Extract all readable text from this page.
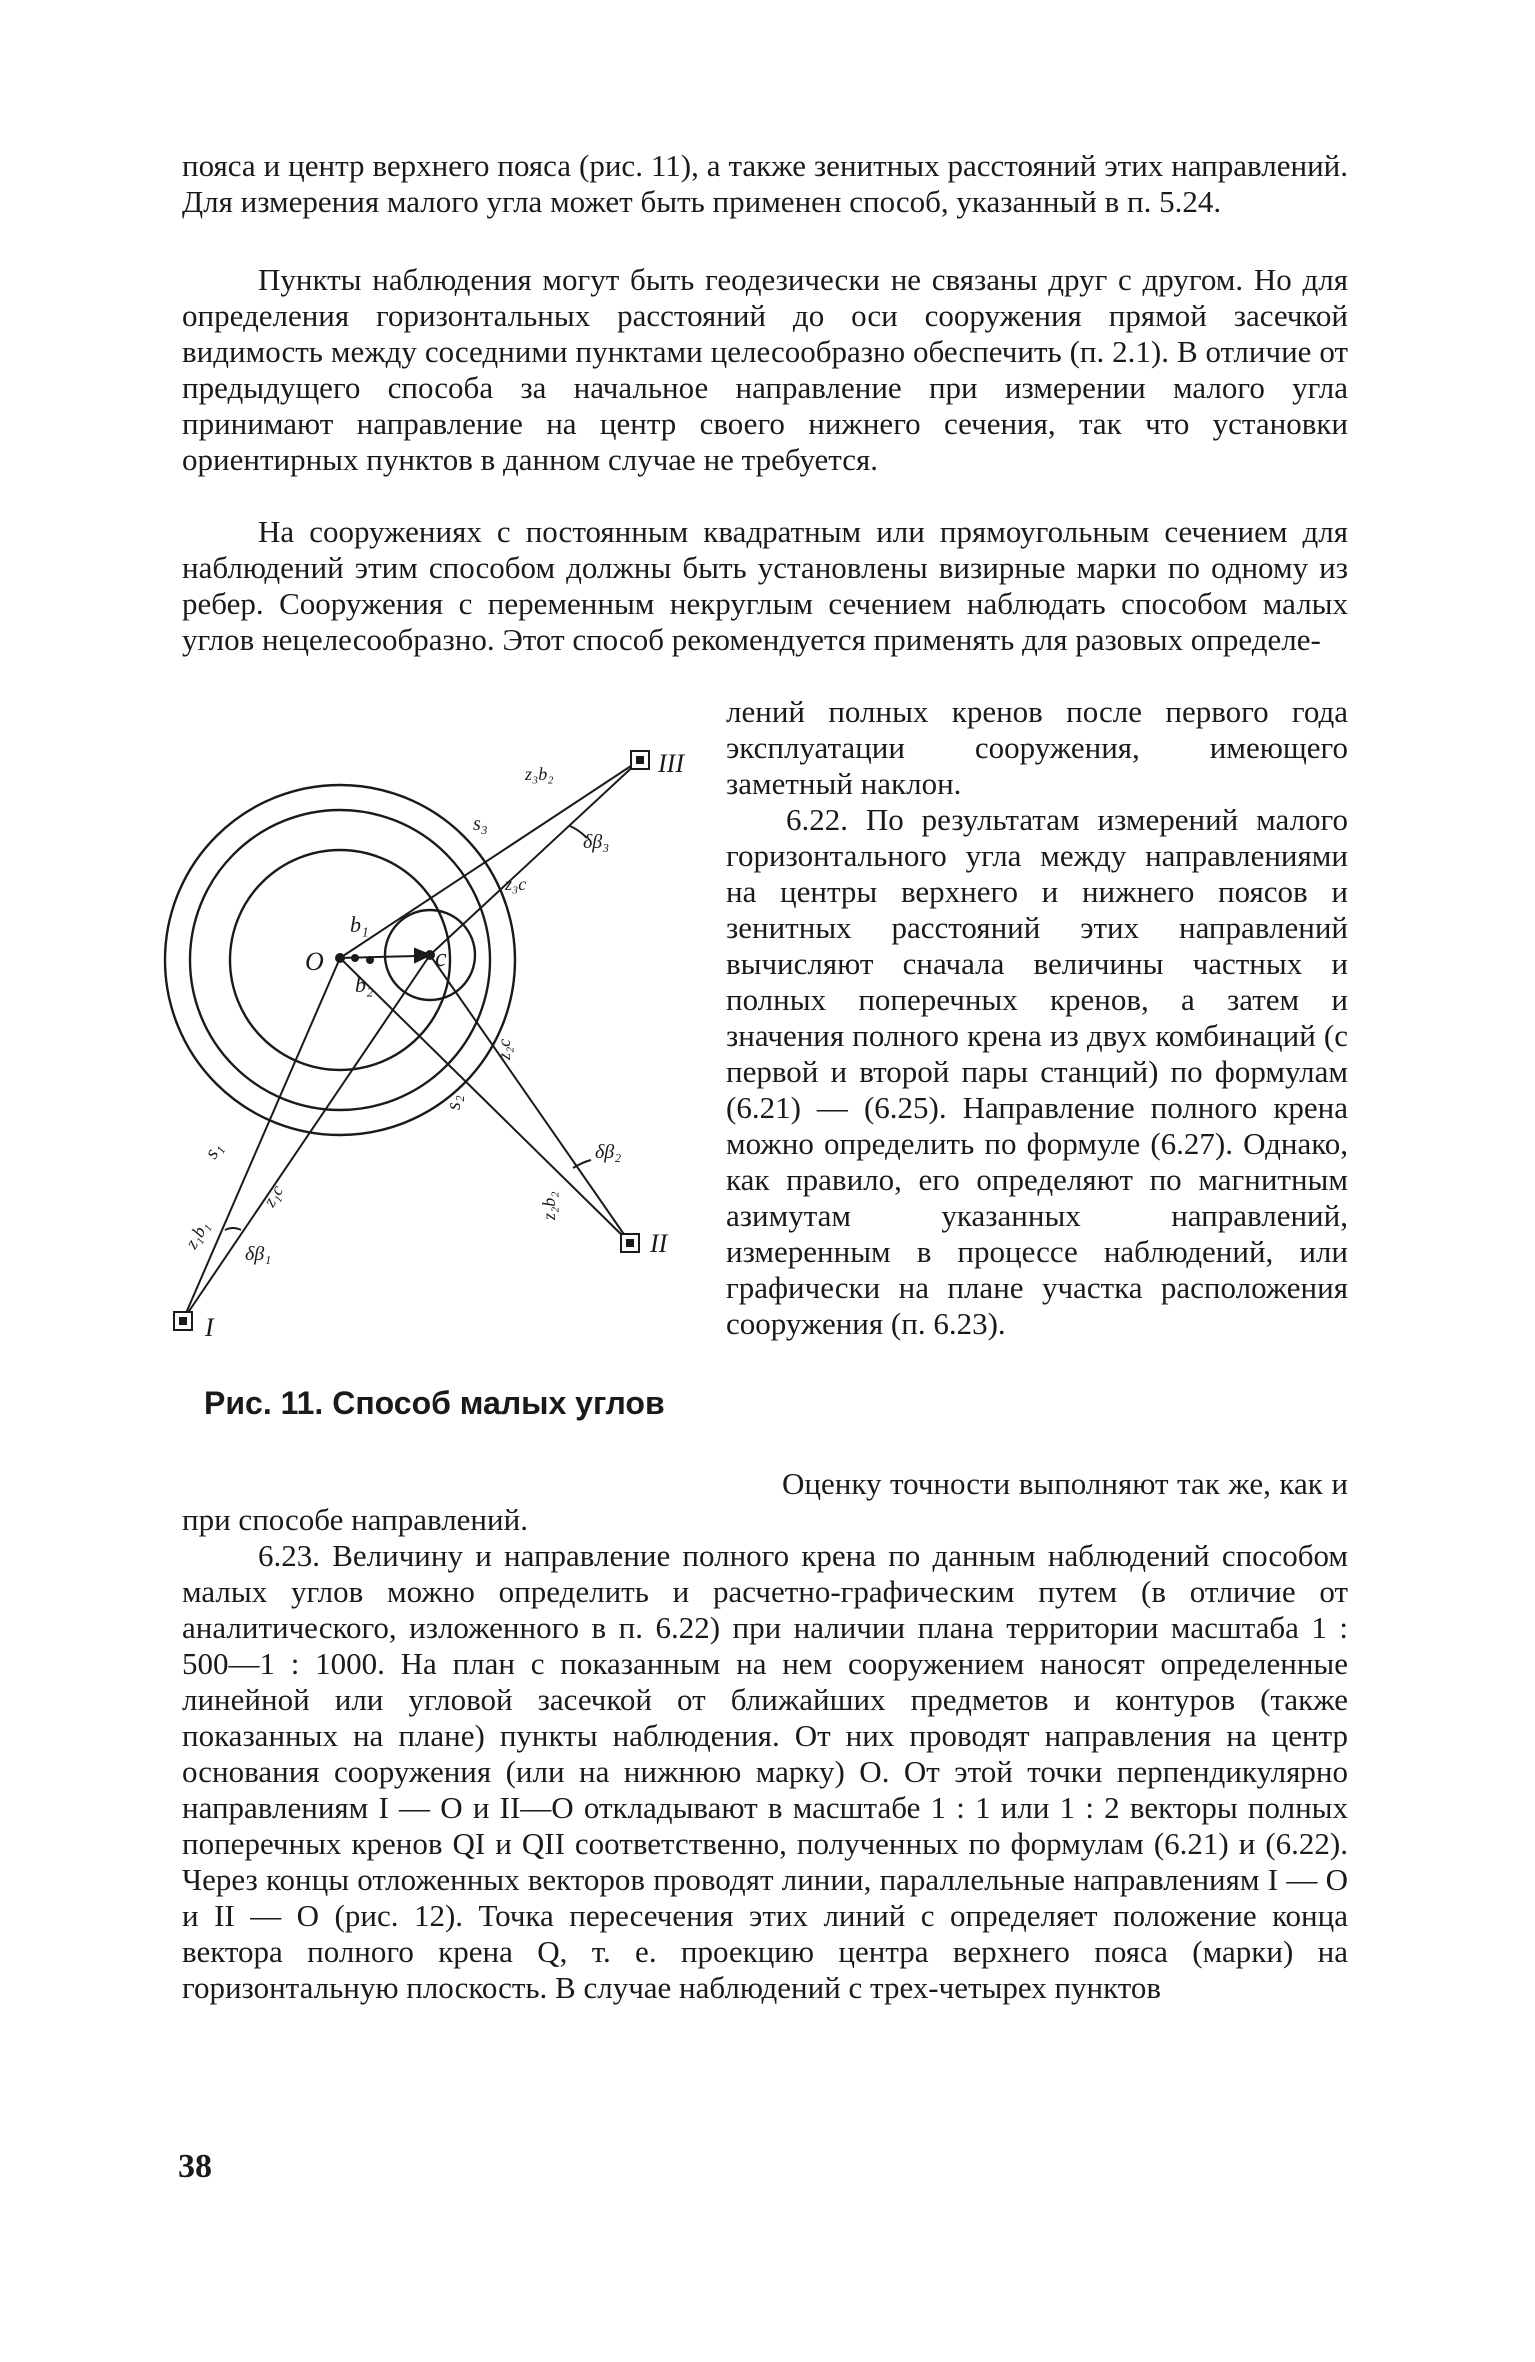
пояса и центр верхнего пояса (рис. 11), а также зенитных расстояний этих направлений. Для измерения малого угла может быть применен способ, указанный в п. 5.24.

Пункты наблюдения могут быть геодезически не связаны друг с другом. Но для определения горизонтальных расстояний до оси сооружения прямой засечкой видимость между соседними пунктами целесообразно обеспечить (п. 2.1). В отличие от предыдущего способа за начальное направление при измерении малого угла принимают направление на центр своего нижнего сечения, так что установки ориентирных пунктов в данном случае не требуется.

На сооружениях с постоянным квадратным или прямоугольным сечением для наблюдений этим способом должны быть установлены визирные марки по одному из ребер. Сооружения с переменным некруглым сечением наблюдать способом малых углов нецелесообразно. Этот способ рекомендуется применять для разовых определе-

лений полных кренов после первого года эксплуатации сооружения, имеющего заметный наклон.

6.22. По результатам измерений малого горизонтального угла между направлениями на центры верхнего и нижнего поясов и зенитных расстояний этих направлений вычисляют сначала величины частных и полных поперечных кренов, а затем и значения полного крена из двух комбинаций (с первой и второй пары станций) по формулам (6.21) — (6.25). Направление полного крена можно определить по формуле (6.27). Однако, как правило, его определяют по магнитным азимутам указанных направлений, измеренным в процессе наблюдений, или графически на плане участка расположения сооружения (п. 6.23).

Оценку точности выполняют так же, как и при способе направлений.

6.23. Величину и направление полного крена по данным наблюдений способом малых углов можно определить и расчетно-графическим путем (в отличие от аналитического, изложенного в п. 6.22) при наличии плана территории масштаба 1 : 500—1 : 1000. На план с показанным на нем сооружением наносят определенные линейной или угловой засечкой от ближайших предметов и контуров (также показанных на плане) пункты наблюдения. От них проводят направления на центр основания сооружения (или на нижнюю марку) O. От этой точки перпендикулярно направлениям I — O и II—O откладывают в масштабе 1 : 1 или 1 : 2 векторы полных поперечных кренов QI и QII соответственно, полученных по формулам (6.21) и (6.22). Через концы отложенных векторов проводят линии, параллельные направлениям I — O и II — O (рис. 12). Точка пересечения этих линий c определяет положение конца вектора полного крена Q, т. е. проекцию центра верхнего пояса (марки) на горизонтальную плоскость. В случае наблюдений с трех-четырех пунктов

O	c
b₁
b₂
III
II
I
s₃
z₃b₂
z₃c
δβ₃
z₂c
s₂
δβ₂
z₂b₂
s₁
z₁c
z₁b₁
δβ₁
Рис. 11. Способ малых углов
38
